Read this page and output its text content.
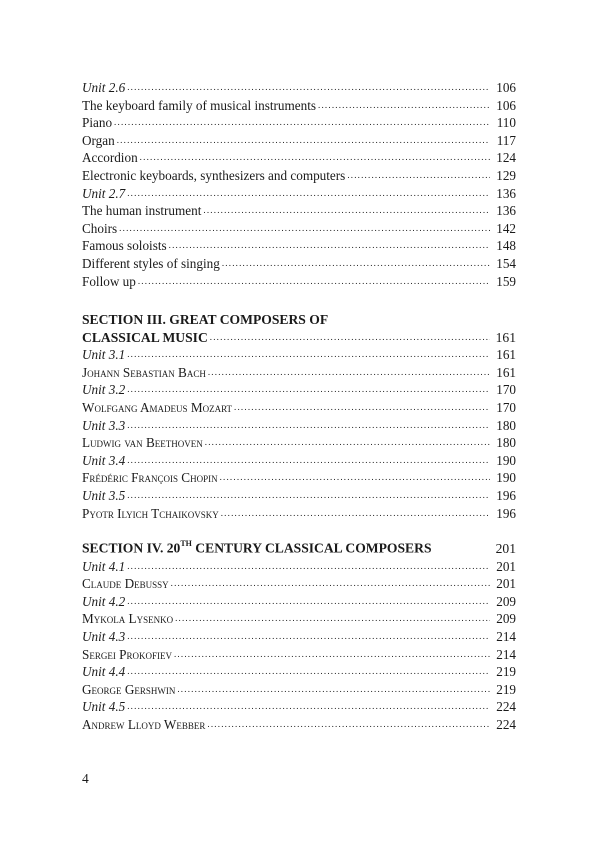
Unit 2.6 .....	106
The keyboard family of musical instruments .....	106
Piano .....	110
Organ .....	117
Accordion .....	124
Electronic keyboards, synthesizers and computers .....	129
Unit 2.7 .....	136
The human instrument .....	136
Choirs .....	142
Famous soloists .....	148
Different styles of singing .....	154
Follow up .....	159
SECTION III. GREAT COMPOSERS OF
CLASSICAL MUSIC .....	161
Unit 3.1 .....	161
Johann Sebastian Bach .....	161
Unit 3.2 .....	170
Wolfgang Amadeus Mozart .....	170
Unit 3.3 .....	180
Ludwig van Beethoven .....	180
Unit 3.4 .....	190
Frédéric François Chopin .....	190
Unit 3.5 .....	196
Pyotr Ilyich Tchaikovsky .....	196
SECTION IV. 20TH CENTURY CLASSICAL COMPOSERS	201
Unit 4.1 .....	201
Claude Debussy .....	201
Unit 4.2 .....	209
Mykola Lysenko .....	209
Unit 4.3 .....	214
Sergei Prokofiev .....	214
Unit 4.4 .....	219
George Gershwin .....	219
Unit 4.5 .....	224
Andrew Lloyd Webber .....	224
4
